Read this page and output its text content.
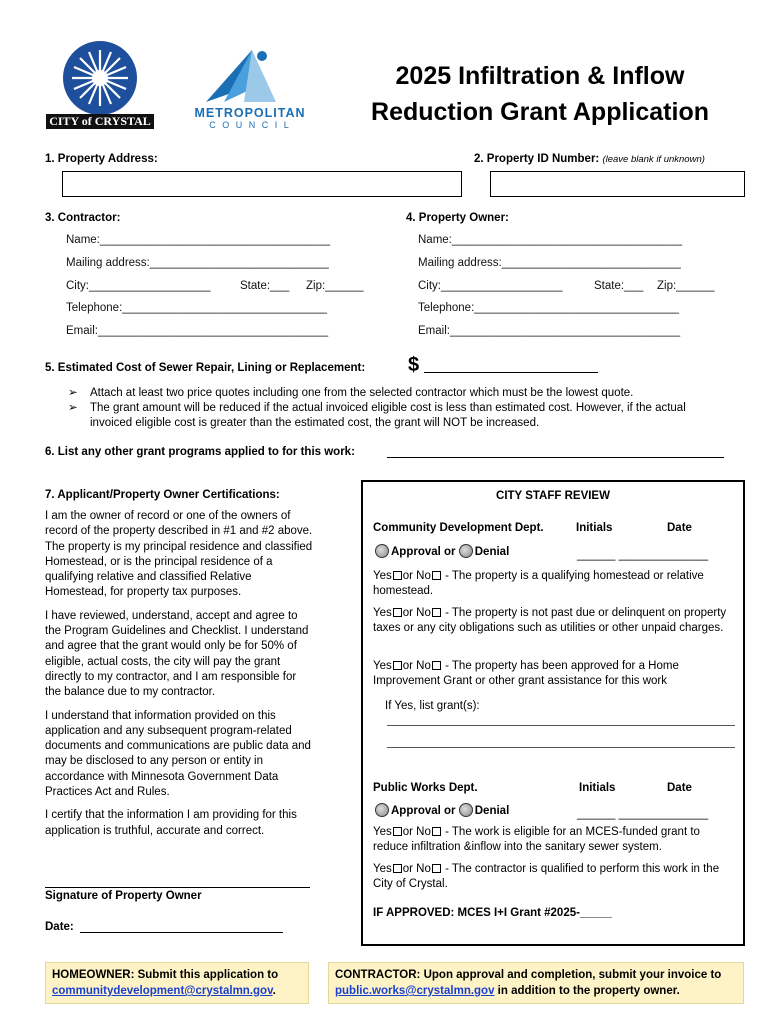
CITY of CRYSTAL
METROPOLITAN
C O U N C I L
2025 Infiltration & Inflow
Reduction Grant Application
1. Property Address:	2. Property ID Number: (leave blank if unknown)
3. Contractor:
Name:____________________________________
Mailing address:____________________________
City:___________________	State:___ Zip:______
Telephone:________________________________
Email:____________________________________
4. Property Owner:
Name:____________________________________
Mailing address:____________________________
City:___________________	State:___ Zip:______
Telephone:________________________________
Email:____________________________________
5. Estimated Cost of Sewer Repair, Lining or Replacement: $
➢ Attach at least two price quotes including one from the selected contractor which must be the lowest quote.
➢ The grant amount will be reduced if the actual invoiced eligible cost is less than estimated cost. However, if the actual invoiced eligible cost is greater than the estimated cost, the grant will NOT be increased.
6. List any other grant programs applied to for this work:
7. Applicant/Property Owner Certifications:

I am the owner of record or one of the owners of record of the property described in #1 and #2 above. The property is my principal residence and classified Homestead, or is the principal residence of a qualifying relative and classified Relative Homestead, for property tax purposes.

I have reviewed, understand, accept and agree to the Program Guidelines and Checklist. I understand and agree that the grant would only be for 50% of eligible, actual costs, the city will pay the grant directly to my contractor, and I am responsible for the balance due to my contractor.

I understand that information provided on this application and any subsequent program-related documents and communications are public data and may be disclosed to any person or entity in accordance with Minnesota Government Data Practices Act and Rules.

I certify that the information I am providing for this application is truthful, accurate and correct.

Signature of Property Owner
Date:
CITY STAFF REVIEW
Community Development Dept.	Initials	Date
Approval or Denial	______ ______________
Yes or No - The property is a qualifying homestead or relative homestead.
Yes or No - The property is not past due or delinquent on property taxes or any city obligations such as utilities or other unpaid charges.
Yes or No - The property has been approved for a Home Improvement Grant or other grant assistance for this work
If Yes, list grant(s):
Public Works Dept.	Initials	Date
Approval or Denial	______ ______________
Yes or No - The work is eligible for an MCES-funded grant to reduce infiltration &inflow into the sanitary sewer system.
Yes or No - The contractor is qualified to perform this work in the City of Crystal.
IF APPROVED: MCES I+I Grant #2025-_____
HOMEOWNER: Submit this application to communitydevelopment@crystalmn.gov.
CONTRACTOR: Upon approval and completion, submit your invoice to public.works@crystalmn.gov in addition to the property owner.
